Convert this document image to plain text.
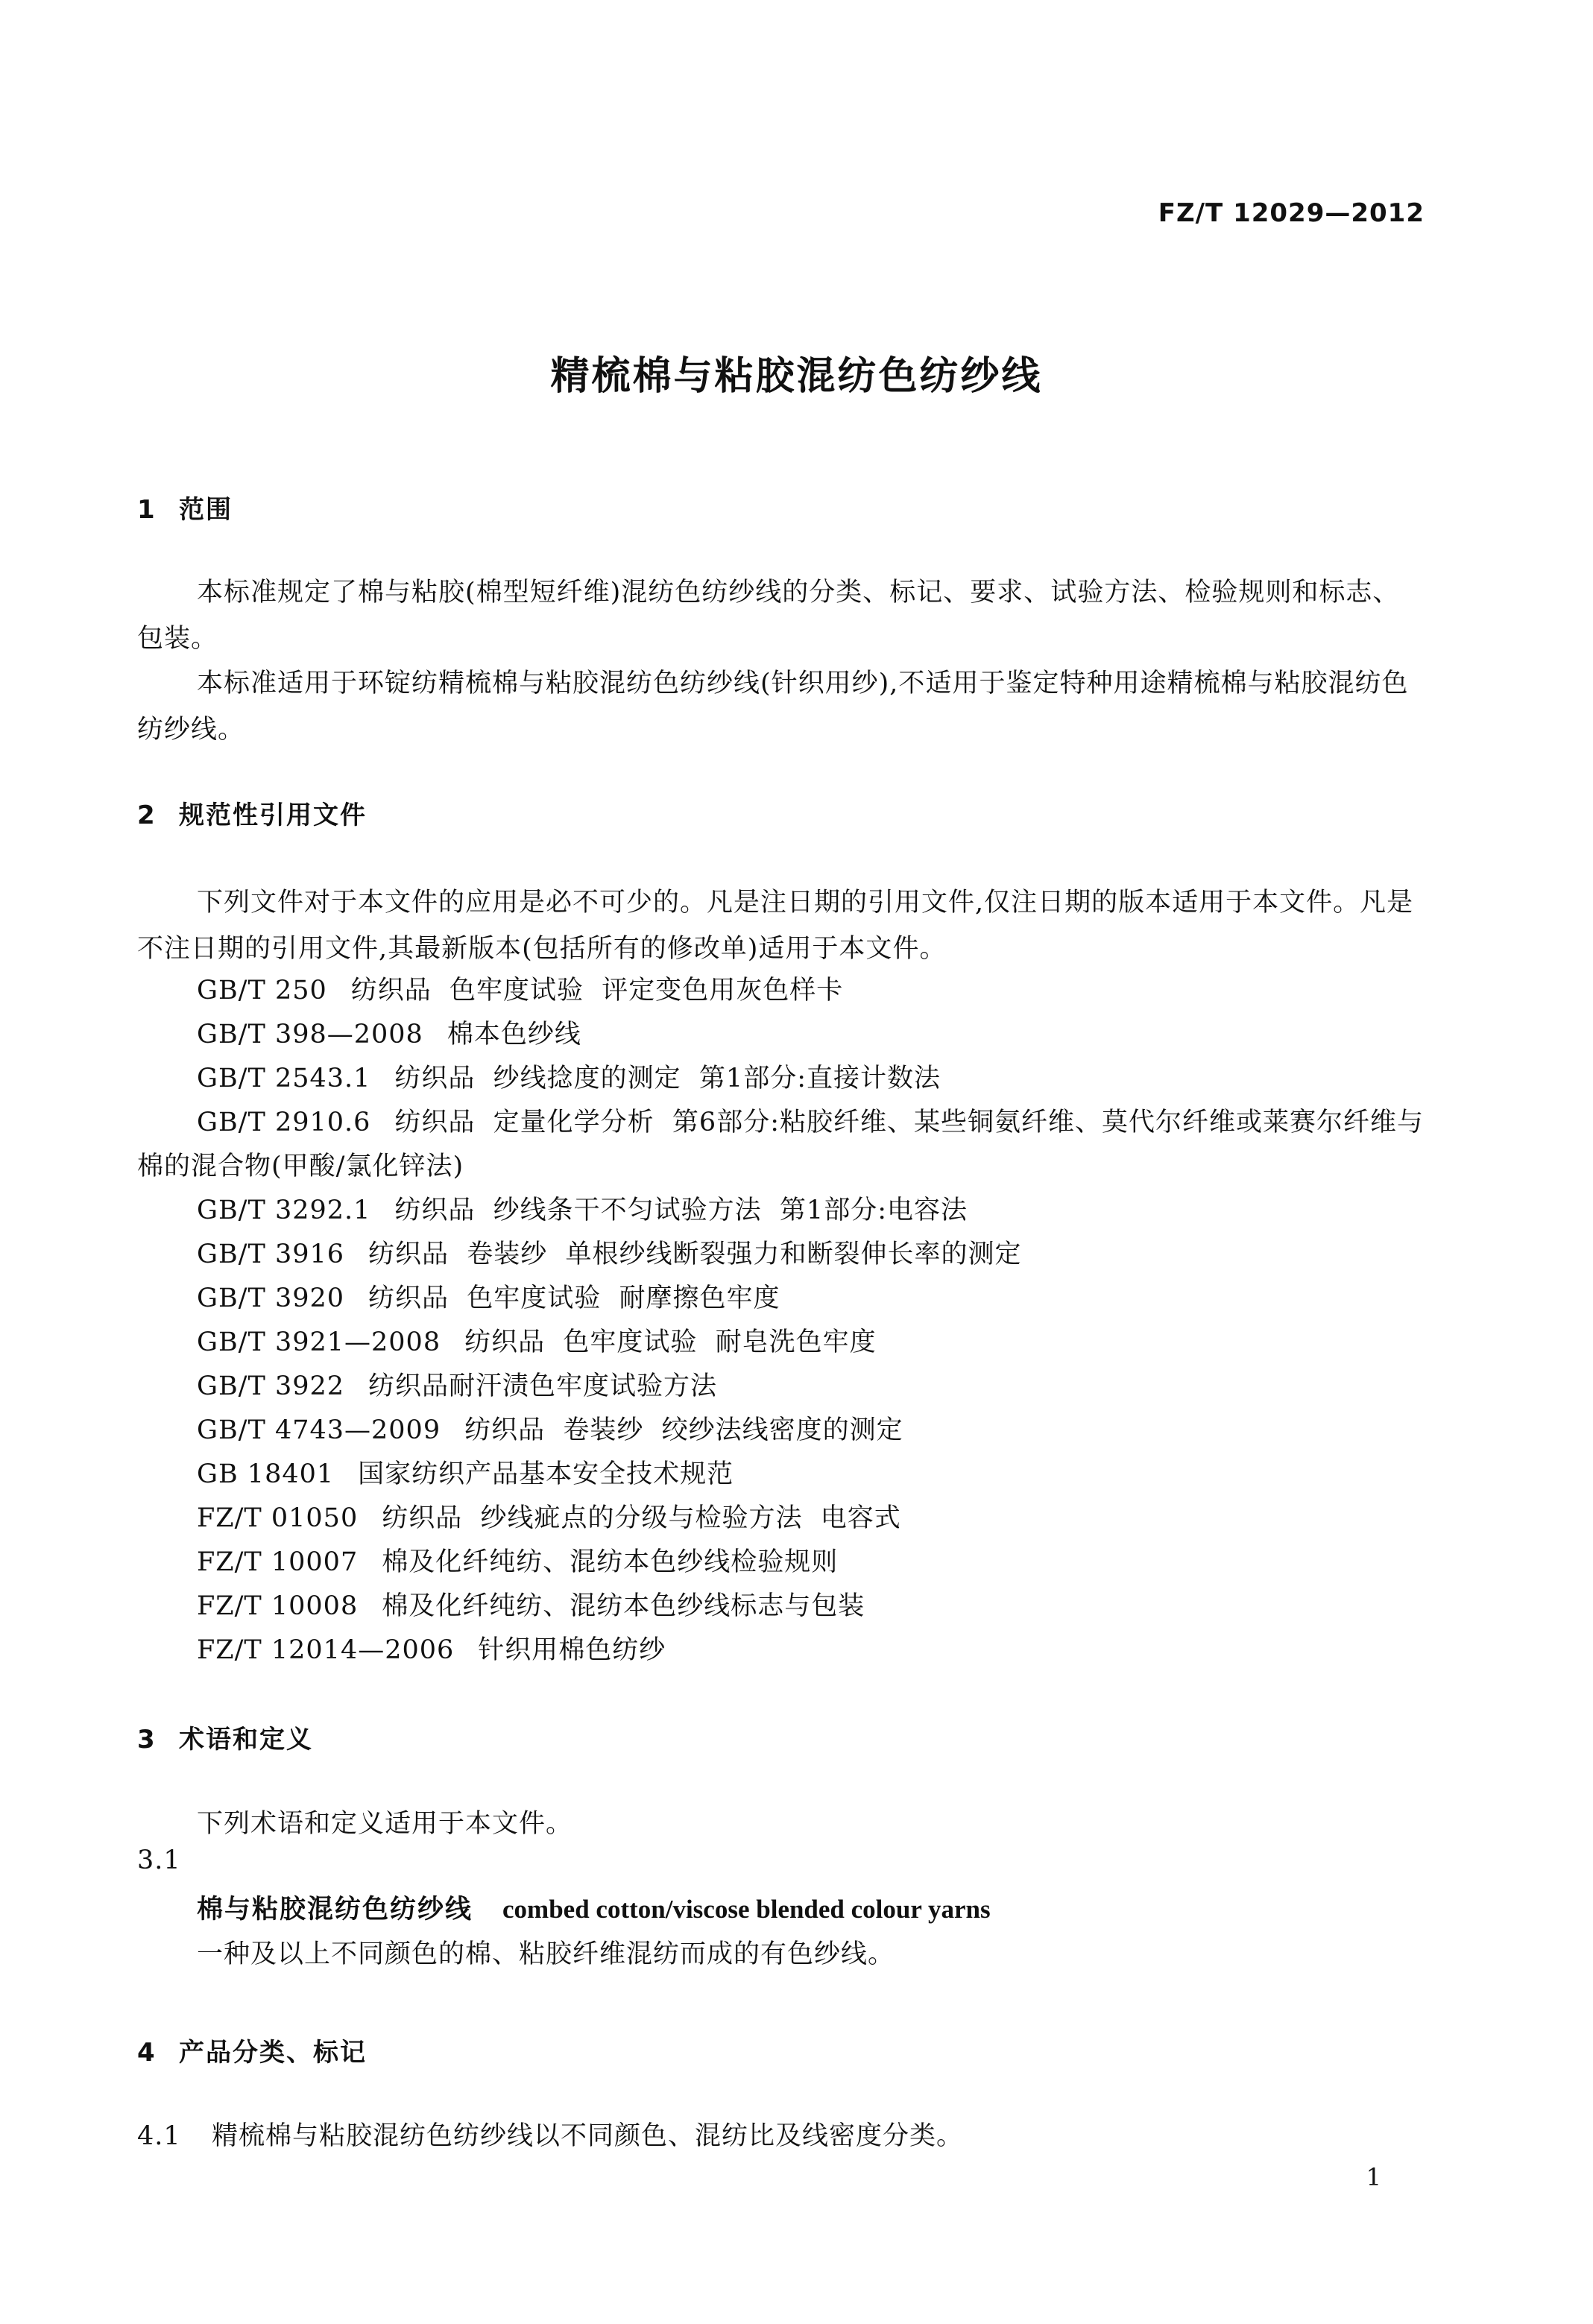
FZ/T 12029—2012
精梳棉与粘胶混纺色纺纱线
1 范围

本标准规定了棉与粘胶(棉型短纤维)混纺色纺纱线的分类、标记、要求、试验方法、检验规则和标志、包装。

本标准适用于环锭纺精梳棉与粘胶混纺色纺纱线(针织用纱),不适用于鉴定特种用途精梳棉与粘胶混纺色纺纱线。

2 规范性引用文件

下列文件对于本文件的应用是必不可少的。凡是注日期的引用文件,仅注日期的版本适用于本文件。凡是不注日期的引用文件,其最新版本(包括所有的修改单)适用于本文件。

GB/T 250 纺织品  色牢度试验  评定变色用灰色样卡
GB/T 398—2008 棉本色纱线
GB/T 2543.1 纺织品  纱线捻度的测定  第1部分:直接计数法
GB/T 2910.6 纺织品  定量化学分析  第6部分:粘胶纤维、某些铜氨纤维、莫代尔纤维或莱赛尔纤维与棉的混合物(甲酸/氯化锌法)
GB/T 3292.1 纺织品  纱线条干不匀试验方法  第1部分:电容法
GB/T 3916 纺织品  卷装纱  单根纱线断裂强力和断裂伸长率的测定
GB/T 3920 纺织品  色牢度试验  耐摩擦色牢度
GB/T 3921—2008 纺织品  色牢度试验  耐皂洗色牢度
GB/T 3922 纺织品耐汗渍色牢度试验方法
GB/T 4743—2009 纺织品  卷装纱  绞纱法线密度的测定
GB 18401 国家纺织产品基本安全技术规范
FZ/T 01050 纺织品  纱线疵点的分级与检验方法  电容式
FZ/T 10007 棉及化纤纯纺、混纺本色纱线检验规则
FZ/T 10008 棉及化纤纯纺、混纺本色纱线标志与包装
FZ/T 12014—2006 针织用棉色纺纱
3 术语和定义

下列术语和定义适用于本文件。

3.1
棉与粘胶混纺色纺纱线 combed cotton/viscose blended colour yarns
一种及以上不同颜色的棉、粘胶纤维混纺而成的有色纱线。
4 产品分类、标记
4.1 精梳棉与粘胶混纺色纺纱线以不同颜色、混纺比及线密度分类。
1
